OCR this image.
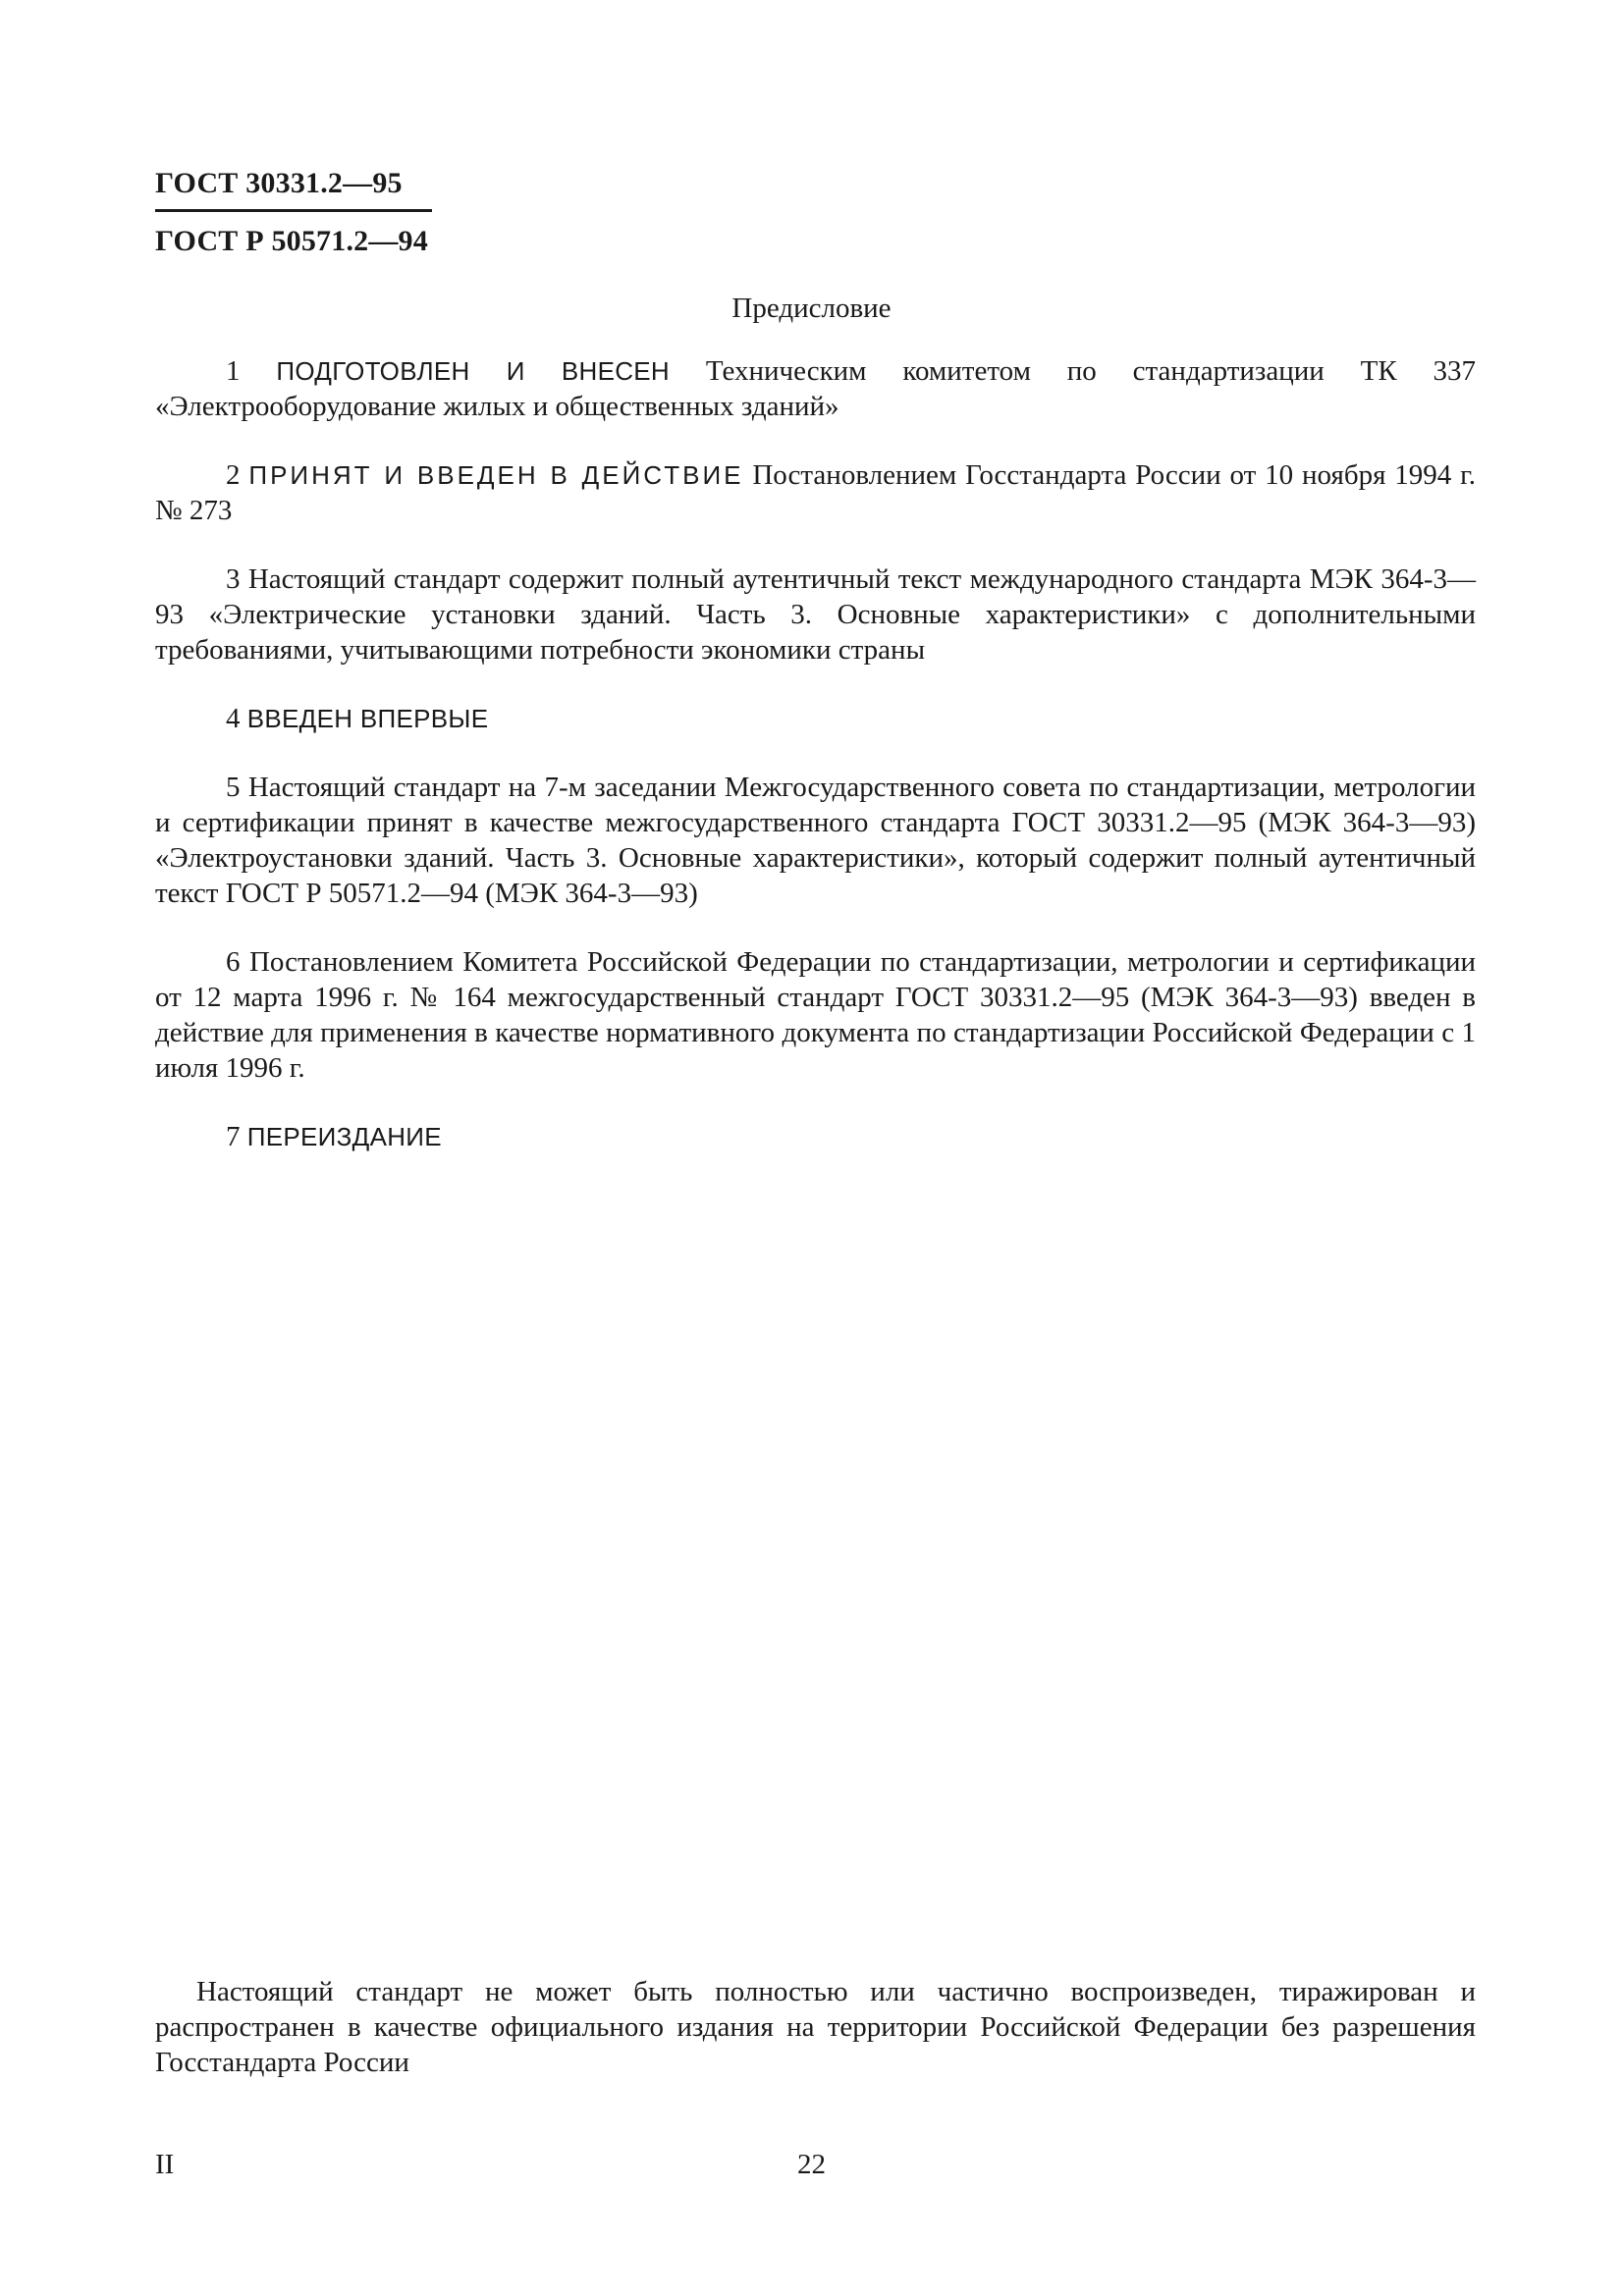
ГОСТ 30331.2—95
ГОСТ Р 50571.2—94
Предисловие

1 ПОДГОТОВЛЕН И ВНЕСЕН Техническим комитетом по стандартизации ТК 337 «Электрооборудование жилых и общественных зданий»

2 ПРИНЯТ И ВВЕДЕН В ДЕЙСТВИЕ Постановлением Госстандарта России от 10 ноября 1994 г. № 273

3 Настоящий стандарт содержит полный аутентичный текст международного стандарта МЭК 364-3—93 «Электрические установки зданий. Часть 3. Основные характеристики» с дополнительными требованиями, учитывающими потребности экономики страны

4 ВВЕДЕН ВПЕРВЫЕ

5 Настоящий стандарт на 7-м заседании Межгосударственного совета по стандартизации, метрологии и сертификации принят в качестве межгосударственного стандарта ГОСТ 30331.2—95 (МЭК 364-3—93) «Электроустановки зданий. Часть 3. Основные характеристики», который содержит полный аутентичный текст ГОСТ Р 50571.2—94 (МЭК 364-3—93)

6 Постановлением Комитета Российской Федерации по стандартизации, метрологии и сертификации от 12 марта 1996 г. № 164 межгосударственный стандарт ГОСТ 30331.2—95 (МЭК 364-3—93) введен в действие для применения в качестве нормативного документа по стандартизации Российской Федерации с 1 июля 1996 г.

7 ПЕРЕИЗДАНИЕ

Настоящий стандарт не может быть полностью или частично воспроизведен, тиражирован и распространен в качестве официального издания на территории Российской Федерации без разрешения Госстандарта России

II	22
